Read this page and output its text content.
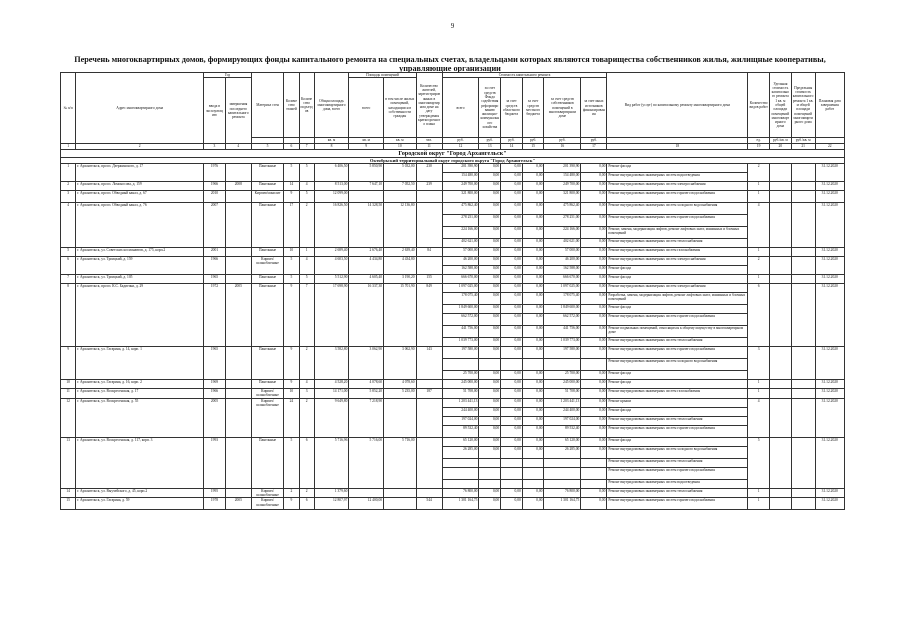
9
Перечень многоквартирных домов, формирующих фонды капитального ремонта на специальных счетах, владельцами которых являются товарищества собственников жилья, жилищные кооперативы, управляющие организации
№ п/п	Адрес многоквартирного дома	Год		Материал стен	Количество этажей	Количество подъездов	Общая площадь многоквартирного дома, всего	Площадь помещений		Количество жителей, зарегистрированных в многоквартирном доме на дату утверждения краткосрочного плана	Стоимость капитального ремонта						Вид работ (услуг) по капитальному ремонту многоквартирного дома	Количество видов работ	Удельная стоимость капитального ремонта 1 кв. м общей площади помещений многоквартирного дома	Предельная стоимость капитального ремонта 1 кв. м общей площади помещений многоквартирного дома	Плановая дата завершения работ
		ввода в эксплуатацию	завершения последнего капитального ремонта					всего	в том числе жилых помещений, находящихся в собственности граждан		всего	за счет средств Фонда содействия реформированию жилищно-коммунального хозяйства	за счет средств областного бюджета	за счет средств местного бюджета	за счет средств собственников помещений в многоквартирном доме	за счет иных источников финансирования					
							кв. м	кв. м	кв. м	чел.	руб.	руб.	руб.	руб.	руб.	руб.		ед.	руб./кв. м	руб./кв. м	
1	2	3	4	5	6	7	8	9	10	11	12	13	14	15	16	17	18	19	20	21	22
Городской округ "Город Архангельск"																					
Октябрьский территориальный округ городского округа "Город Архангельск"																					
1	г. Архангельск, просп. Дзержинского, д. 17	1976		Панельные	5	5	6 406,50	5 850,90	5 032,00	230	201 390,90	0,00	0,00	0,00	201 390,90	0,00	Ремонт фасада	2			31.12.2020
											154 480,00	0,00	0,00	0,00	154 480,00	0,00	Ремонт внутридомовых инженерных систем водоотведения				
2	г. Архангельск, просп. Ломоносова, д. 159	1966	2008	Панельные	14	4	8 513,00	7 647,10	7 052,50	239	249 700,00	0,00	0,00	0,00	249 700,00	0,00	Ремонт внутридомовых инженерных систем электроснабжения	1			31.12.2020
3	г. Архангельск, просп. Обводный канал, д. 67	2010		Кирпич/монолит	9	5	12 099,00				321 800,00	0,00	0,00	0,00	321 800,00	0,00	Ремонт внутридомовых инженерных систем горячего водоснабжения	1			31.12.2020
4	г. Архангельск, просп. Обводный канал, д. 76	2007		Панельные	17	2	16 826,50	14 328,50	12 136,80		475 862,40	0,00	0,00	0,00	475 862,40	0,00	Ремонт внутридомовых инженерных систем холодного водоснабжения	4			31.12.2020
											278 251,00	0,00	0,00	0,00	278 251,00	0,00	Ремонт внутридомовых инженерных систем горячего водоснабжения				
											224 166,00	0,00	0,00	0,00	224 166,00	0,00	Ремонт, замена, модернизация лифтов, ремонт лифтовых шахт, машинных и блочных помещений				
											402 621,00	0,00	0,00	0,00	402 621,00	0,00	Ремонт внутридомовых инженерных систем теплоснабжения				
5	г. Архангельск, ул. Советских космонавтов, д. 175, корп.2	2001		Панельные	10	1	2 689,40	2 676,40	2 639,40	84	57 000,00	0,00	0,00	0,00	57 000,00	0,00	Ремонт внутридомовых инженерных систем газоснабжения	1			31.12.2020
6	г. Архангельск, ул. Троицкий, д. 159	1966		Кирпич/шлакоблочные	5	4	4 603,50	4 434,80	4 434,80		46 200,00	0,00	0,00	0,00	46 200,00	0,00	Ремонт внутридомовых инженерных систем электроснабжения	2			31.12.2020
											162 588,00	0,00	0,00	0,00	162 588,00	0,00	Ремонт фасада				
7	г. Архангельск, ул. Троицкий, д. 105	1965		Панельные	5	5	5 512,90	4 605,40	3 190,20	155	666 670,00	0,00	0,00	0,00	666 670,00	0,00	Ремонт фасада	1			31.12.2020
8	г. Архангельск, просп. К.С. Бадигина, д. 29	1972	2005	Панельные	9	7	17 698,90	16 337,30	15 701,90	849	1 097 025,00	0,00	0,00	0,00	1 097 025,00	0,00	Ремонт внутридомовых инженерных систем электроснабжения	6			31.12.2020
											178 075,40	0,00	0,00	0,00	178 075,40	0,00	Разработка, замена, модернизация лифтов, ремонт лифтовых шахт, машинных и блочных помещений				
											1 849 600,00	0,00	0,00	0,00	1 849 600,00	0,00	Ремонт фасада				
											662 572,00	0,00	0,00	0,00	662 572,00	0,00	Ремонт внутридомовых инженерных систем горячего водоснабжения				
											441 756,00	0,00	0,00	0,00	441 756,00	0,00	Ремонт подвальных помещений, относящихся к общему имуществу в многоквартирном доме				
											1 039 773,00	0,00	0,00	0,00	1 039 773,00	0,00	Ремонт внутридомовых инженерных систем теплоснабжения				
9	г. Архангельск, ул. Гагарина, д. 14, корп. 1	1965		Панельные	9	2	3 582,80	3 062,90	3 062,90	143	197 580,00	0,00	0,00	0,00	197 580,00	0,00	Ремонт внутридомовых инженерных систем горячего водоснабжения	3			31.12.2020
																	Ремонт внутридомовых инженерных систем холодного водоснабжения				
											25 700,00	0,00	0,00	0,00	25 700,00	0,00	Ремонт фасада				
10	г. Архангельск, ул. Гагарина, д. 16, корп. 2	1969		Панельные	9	4	4 528,20	4 078,60	4 078,60		245 000,00	0,00	0,00	0,00	245 000,00	0,00	Ремонт фасада	1			31.12.2020
11	г. Архангельск, ул. Воскресенская, д. 17	1966		Кирпич/шлакоблочные	10	3	14 171,00	5 852,20	5 235,00	187	51 708,00	0,00	0,00	0,00	51 708,00	0,00	Ремонт внутридомовых инженерных систем газоснабжения	1			31.12.2020
12	г. Архангельск, ул. Воскресенская, д. 55	2005		Кирпич/шлакоблочные	24	2	9 649,80	7 218,90			1 203 441,13	0,00	0,00	0,00	1 203 441,13	0,00	Ремонт крыши	4			31.12.2020
											244 400,00	0,00	0,00	0,00	244 400,00	0,00	Ремонт фасада				
											197 024,00	0,00	0,00	0,00	197 024,00	0,00	Ремонт внутридомовых инженерных систем теплоснабжения				
											89 532,40	0,00	0,00	0,00	89 532,40	0,00	Ремонт внутридомовых инженерных систем горячего водоснабжения				
13	г. Архангельск, ул. Воскресенская, д. 117, корп. 3	1993		Панельные	5	6	5 716,96	5 716,00	5 716,00		65 120,00	0,00	0,00	0,00	65 120,00	0,00	Ремонт фасада	5			31.12.2020
											26 285,00	0,00	0,00	0,00	26 285,00	0,00	Ремонт внутридомовых инженерных систем холодного водоснабжения				
																	Ремонт внутридомовых инженерных систем теплоснабжения				
																	Ремонт внутридомовых инженерных систем горячего водоснабжения				
																	Ремонт внутридомовых инженерных систем водоотведения				
14	г. Архангельск, ул. Выучейского, д. 45, корп.2	1995		Кирпич/шлакоблочные	2	2	1 379,60				76 800,00	0,00	0,00	0,00	76 800,00	0,00	Ремонт внутридомовых инженерных систем теплоснабжения	1			31.12.2020
15	г. Архангельск, ул. Гагарина, д. 59	1978	2005	Кирпич/шлакоблочные	9	6	12 807,97	12 400,00		544	1 301 164,75	0,00	0,00	0,00	1 301 164,75	0,00	Ремонт внутридомовых инженерных систем горячего водоснабжения	1			31.12.2020
